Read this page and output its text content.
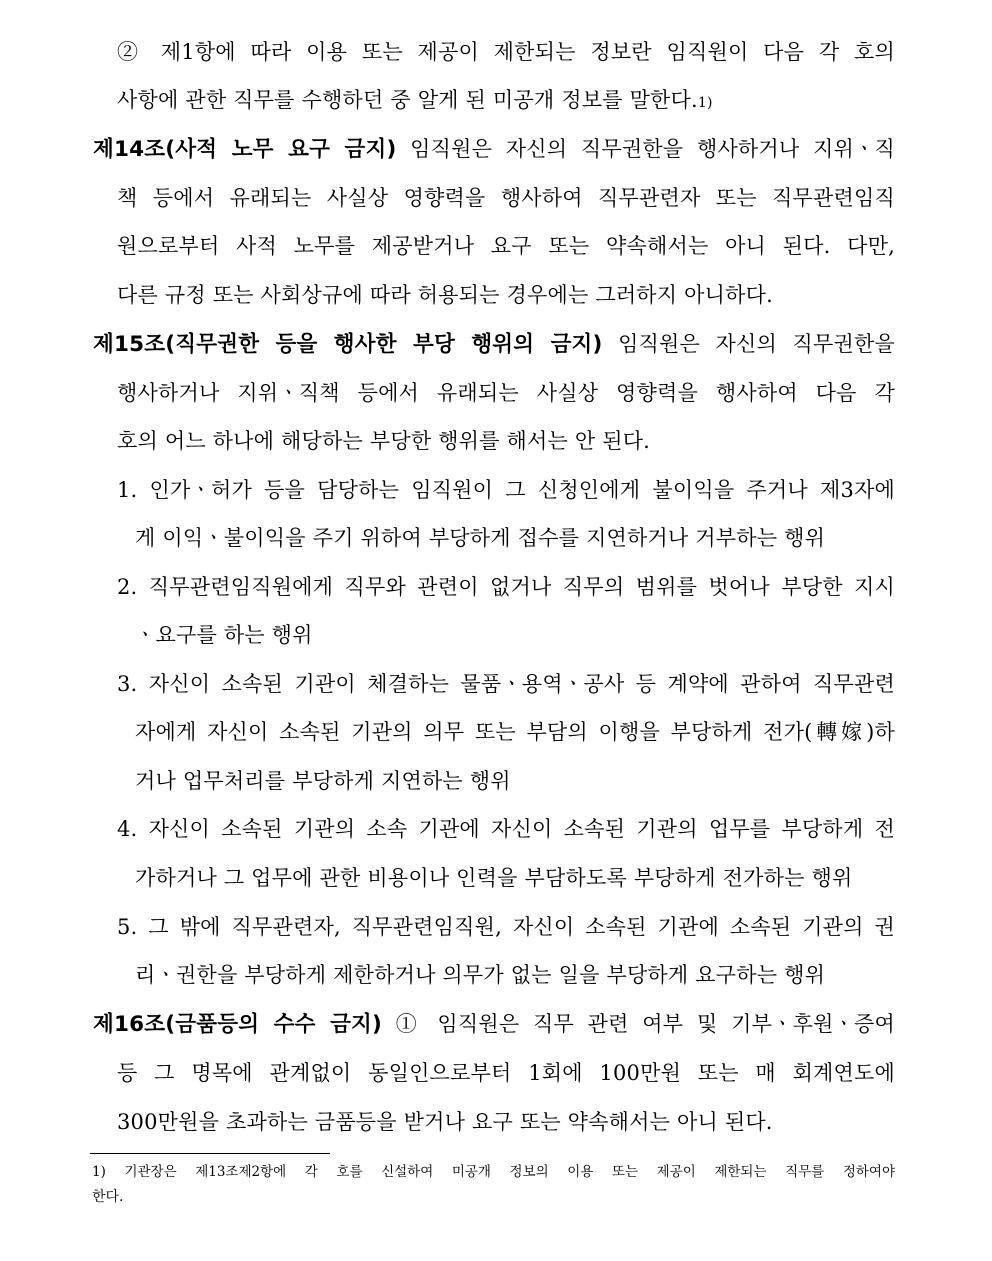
② 제1항에 따라 이용 또는 제공이 제한되는 정보란 임직원이 다음 각 호의
사항에 관한 직무를 수행하던 중 알게 된 미공개 정보를 말한다.1)
제14조(사적 노무 요구 금지) 임직원은 자신의 직무권한을 행사하거나 지위ㆍ직
책 등에서 유래되는 사실상 영향력을 행사하여 직무관련자 또는 직무관련임직
원으로부터 사적 노무를 제공받거나 요구 또는 약속해서는 아니 된다. 다만,
다른 규정 또는 사회상규에 따라 허용되는 경우에는 그러하지 아니하다.
제15조(직무권한 등을 행사한 부당 행위의 금지) 임직원은 자신의 직무권한을
행사하거나 지위ㆍ직책 등에서 유래되는 사실상 영향력을 행사하여 다음 각
호의 어느 하나에 해당하는 부당한 행위를 해서는 안 된다.
1. 인가ㆍ허가 등을 담당하는 임직원이 그 신청인에게 불이익을 주거나 제3자에
게 이익ㆍ불이익을 주기 위하여 부당하게 접수를 지연하거나 거부하는 행위
2. 직무관련임직원에게 직무와 관련이 없거나 직무의 범위를 벗어나 부당한 지시
ㆍ요구를 하는 행위
3. 자신이 소속된 기관이 체결하는 물품ㆍ용역ㆍ공사 등 계약에 관하여 직무관련
자에게 자신이 소속된 기관의 의무 또는 부담의 이행을 부당하게 전가(轉嫁)하
거나 업무처리를 부당하게 지연하는 행위
4. 자신이 소속된 기관의 소속 기관에 자신이 소속된 기관의 업무를 부당하게 전
가하거나 그 업무에 관한 비용이나 인력을 부담하도록 부당하게 전가하는 행위
5. 그 밖에 직무관련자, 직무관련임직원, 자신이 소속된 기관에 소속된 기관의 권
리ㆍ권한을 부당하게 제한하거나 의무가 없는 일을 부당하게 요구하는 행위
제16조(금품등의 수수 금지) ① 임직원은 직무 관련 여부 및 기부ㆍ후원ㆍ증여
등 그 명목에 관계없이 동일인으로부터 1회에 100만원 또는 매 회계연도에
300만원을 초과하는 금품등을 받거나 요구 또는 약속해서는 아니 된다.
1) 기관장은 제13조제2항에 각 호를 신설하여 미공개 정보의 이용 또는 제공이 제한되는 직무를 정하여야
한다.
